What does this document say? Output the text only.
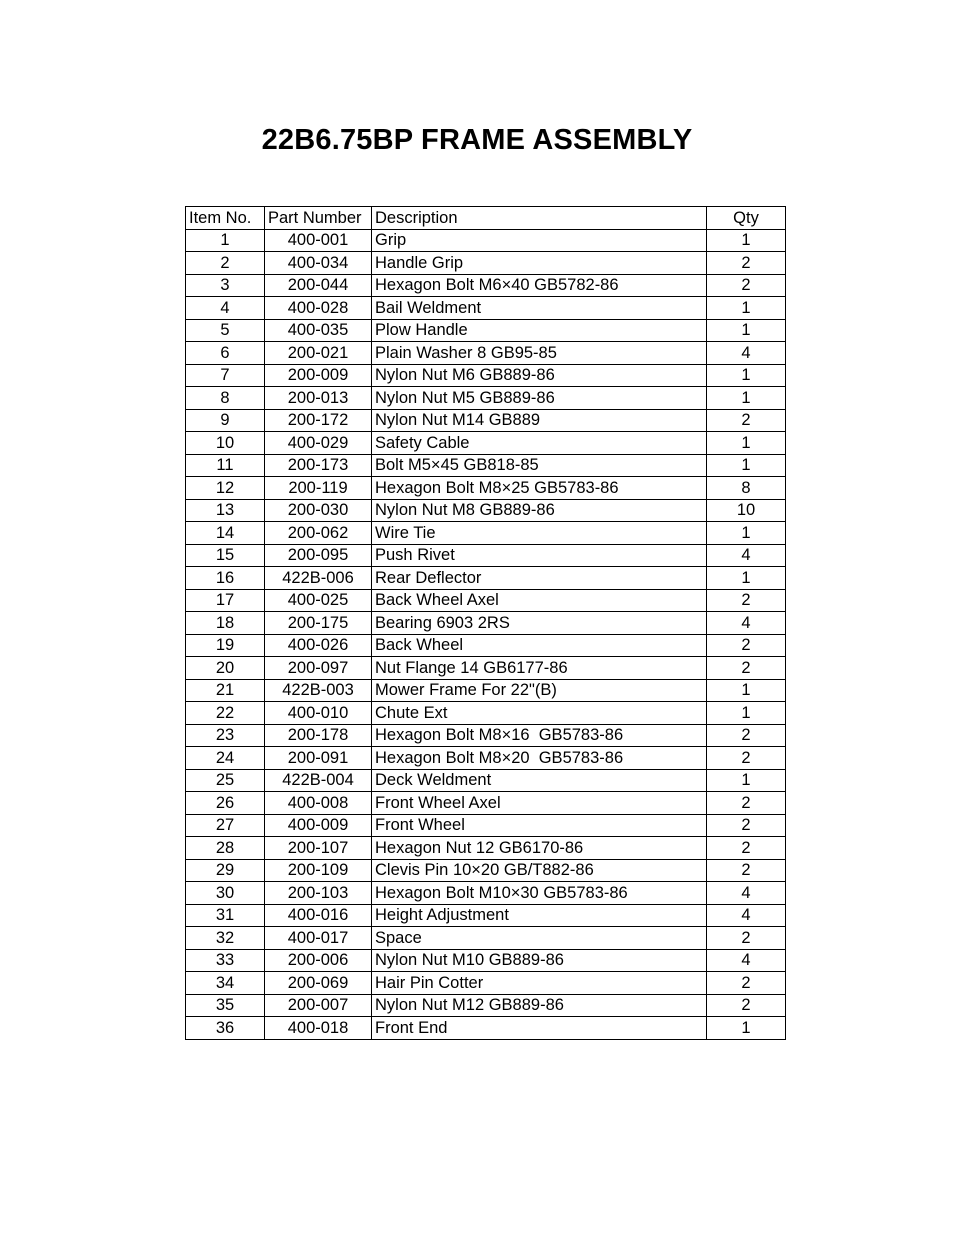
22B6.75BP FRAME ASSEMBLY
Item No.	Part Number	Description	Qty
1	400-001	Grip	1
2	400-034	Handle Grip	2
3	200-044	Hexagon Bolt M6×40 GB5782-86	2
4	400-028	Bail Weldment	1
5	400-035	Plow Handle	1
6	200-021	Plain Washer 8 GB95-85	4
7	200-009	Nylon Nut M6 GB889-86	1
8	200-013	Nylon Nut M5 GB889-86	1
9	200-172	Nylon Nut M14 GB889	2
10	400-029	Safety Cable	1
11	200-173	Bolt M5×45 GB818-85	1
12	200-119	Hexagon Bolt M8×25 GB5783-86	8
13	200-030	Nylon Nut M8 GB889-86	10
14	200-062	Wire Tie	1
15	200-095	Push Rivet	4
16	422B-006	Rear Deflector	1
17	400-025	Back Wheel Axel	2
18	200-175	Bearing 6903 2RS	4
19	400-026	Back Wheel	2
20	200-097	Nut Flange 14 GB6177-86	2
21	422B-003	Mower Frame For 22"(B)	1
22	400-010	Chute Ext	1
23	200-178	Hexagon Bolt M8×16  GB5783-86	2
24	200-091	Hexagon Bolt M8×20  GB5783-86	2
25	422B-004	Deck Weldment	1
26	400-008	Front Wheel Axel	2
27	400-009	Front Wheel	2
28	200-107	Hexagon Nut 12 GB6170-86	2
29	200-109	Clevis Pin 10×20 GB/T882-86	2
30	200-103	Hexagon Bolt M10×30 GB5783-86	4
31	400-016	Height Adjustment	4
32	400-017	Space	2
33	200-006	Nylon Nut M10 GB889-86	4
34	200-069	Hair Pin Cotter	2
35	200-007	Nylon Nut M12 GB889-86	2
36	400-018	Front End	1
